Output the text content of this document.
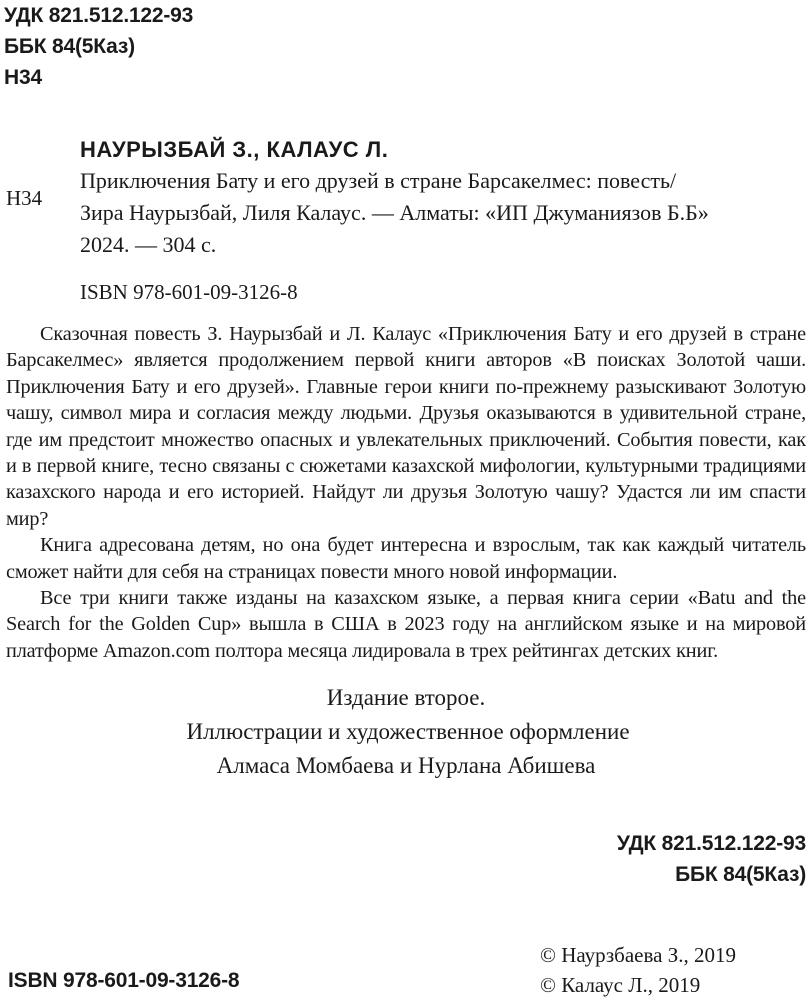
УДК 821.512.122-93
ББК 84(5Каз)
Н34
Н34
НАУРЫЗБАЙ З., КАЛАУС Л.
Приключения Бату и его друзей в стране Барсакелмес: повесть/
Зира Наурызбай, Лиля Калаус. — Алматы: «ИП Джуманиязов Б.Б»
2024. — 304 с.
ISBN 978-601-09-3126-8

Сказочная повесть З. Наурызбай и Л. Калаус «Приключения Бату и его друзей в стране Барсакелмес» является продолжением первой книги авторов «В поисках Золотой чаши. Приключения Бату и его друзей». Главные герои книги по-прежнему разыскивают Золотую чашу, символ мира и согласия между людьми. Друзья оказываются в удивительной стране, где им предстоит множество опасных и увлекательных приключений. События повести, как и в первой книге, тесно связаны с сюжетами казахской мифологии, культурными традициями казахского народа и его историей. Найдут ли друзья Золотую чашу? Удастся ли им спасти мир?

Книга адресована детям, но она будет интересна и взрослым, так как каждый читатель сможет найти для себя на страницах повести много новой информации.

Все три книги также изданы на казахском языке, а первая книга серии «Batu and the Search for the Golden Cup» вышла в США в 2023 году на английском языке и на мировой платформе Amazon.com полтора месяца лидировала в трех рейтингах детских книг.

Издание второе.
Иллюстрации и художественное оформление
Алмаса Момбаева и Нурлана Абишева
УДК 821.512.122-93
ББК 84(5Каз)
© Наурзбаева З., 2019
© Калаус Л., 2019
ISBN 978-601-09-3126-8
